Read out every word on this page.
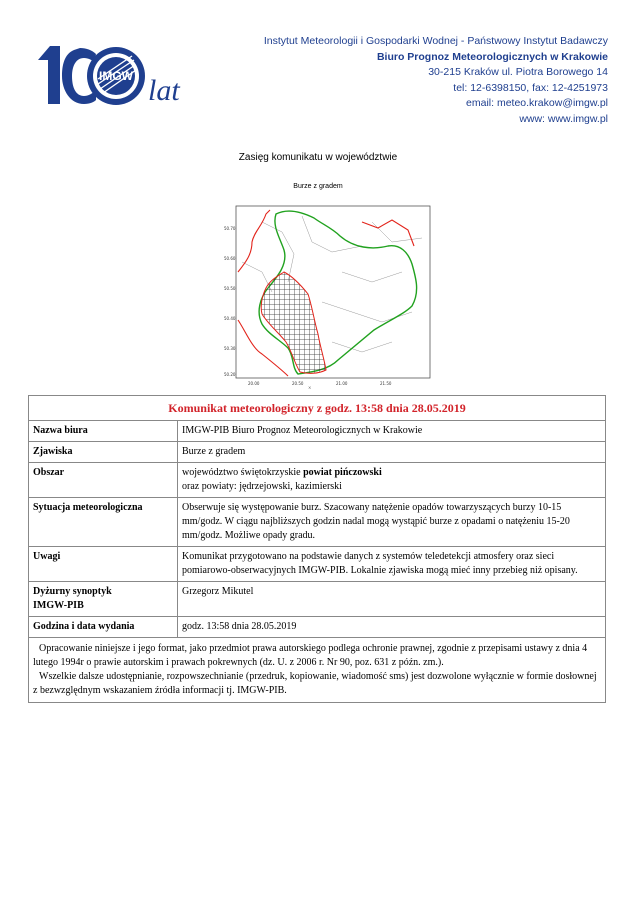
IMGW lat
Instytut Meteorologii i Gospodarki Wodnej - Państwowy Instytut Badawczy
Biuro Prognoz Meteorologicznych w Krakowie
30-215 Kraków ul. Piotra Borowego 14
tel: 12-6398150, fax: 12-4251973
email: meteo.krakow@imgw.pl
www: www.imgw.pl
Zasięg komunikatu w województwie
Burze z gradem
50.70
50.60
50.50
50.40
50.30
50.20
20.00	20.50	21.00	21.50
×
Komunikat meteorologiczny z godz. 13:58 dnia 28.05.2019	
Nazwa biura	IMGW-PIB Biuro Prognoz Meteorologicznych w Krakowie
Zjawiska	Burze z gradem
Obszar	województwo świętokrzyskie powiat pińczowski
oraz powiaty: jędrzejowski, kazimierski

Sytuacja meteorologiczna	Obserwuje się występowanie burz. Szacowany natężenie opadów towarzyszących burzy 10-15 mm/godz. W ciągu najbliższych godzin nadal mogą wystąpić burze z opadami o natężeniu 15-20 mm/godz. Możliwe opady gradu.
Uwagi	Komunikat przygotowano na podstawie danych z systemów teledetekcji atmosfery oraz sieci pomiarowo-obserwacyjnych IMGW-PIB. Lokalnie zjawiska mogą mieć inny przebieg niż opisany.

Dyżurny synoptyk
IMGW-PIB	Grzegorz Mikutel
Godzina i data wydania	godz. 13:58 dnia 28.05.2019

Opracowanie niniejsze i jego format, jako przedmiot prawa autorskiego podlega ochronie prawnej, zgodnie z przepisami ustawy z dnia 4 lutego 1994r o prawie autorskim i prawach pokrewnych (dz. U. z 2006 r. Nr 90, poz. 631 z późn. zm.).
Wszelkie dalsze udostępnianie, rozpowszechnianie (przedruk, kopiowanie, wiadomość sms) jest dozwolone wyłącznie w formie dosłownej z bezwzględnym wskazaniem źródła informacji tj. IMGW-PIB.	
